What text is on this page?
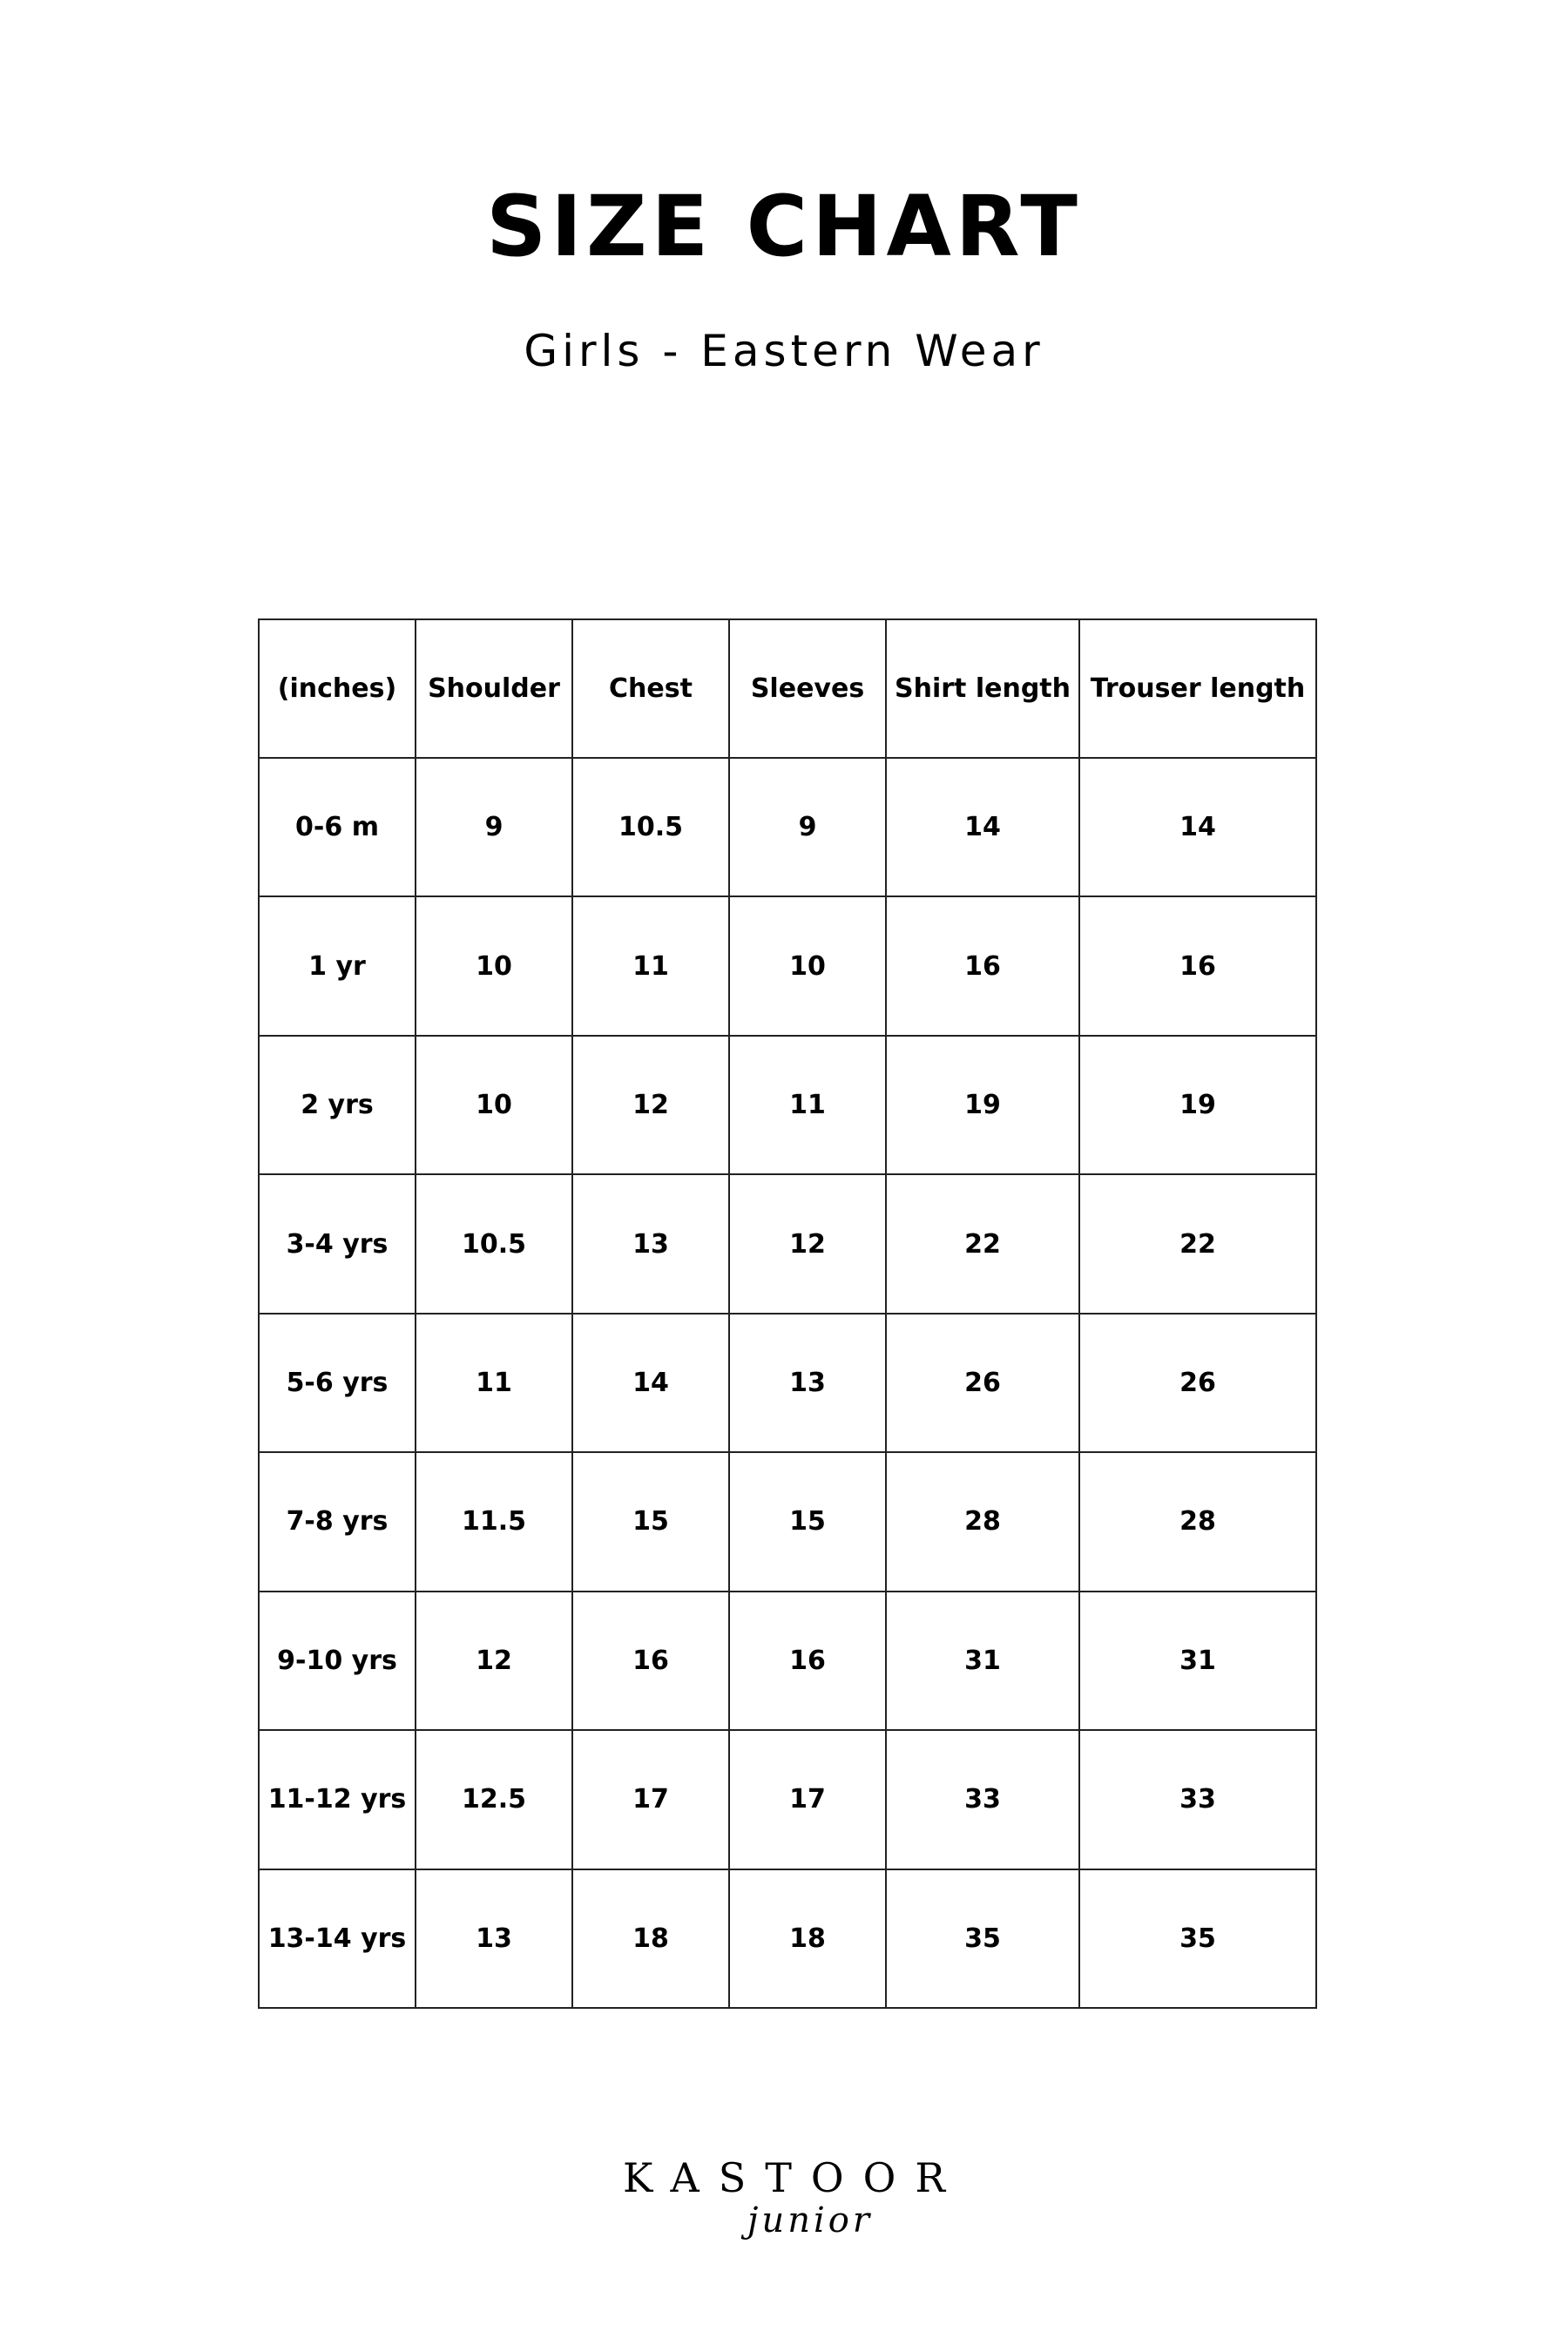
SIZE CHART
Girls - Eastern Wear
(inches)	Shoulder	Chest	Sleeves	Shirt length	Trouser length
0-6 m	9	10.5	9	14	14
1 yr	10	11	10	16	16
2 yrs	10	12	11	19	19
3-4 yrs	10.5	13	12	22	22
5-6 yrs	11	14	13	26	26
7-8 yrs	11.5	15	15	28	28
9-10 yrs	12	16	16	31	31
11-12 yrs	12.5	17	17	33	33
13-14 yrs	13	18	18	35	35
KASTOOR
junior
